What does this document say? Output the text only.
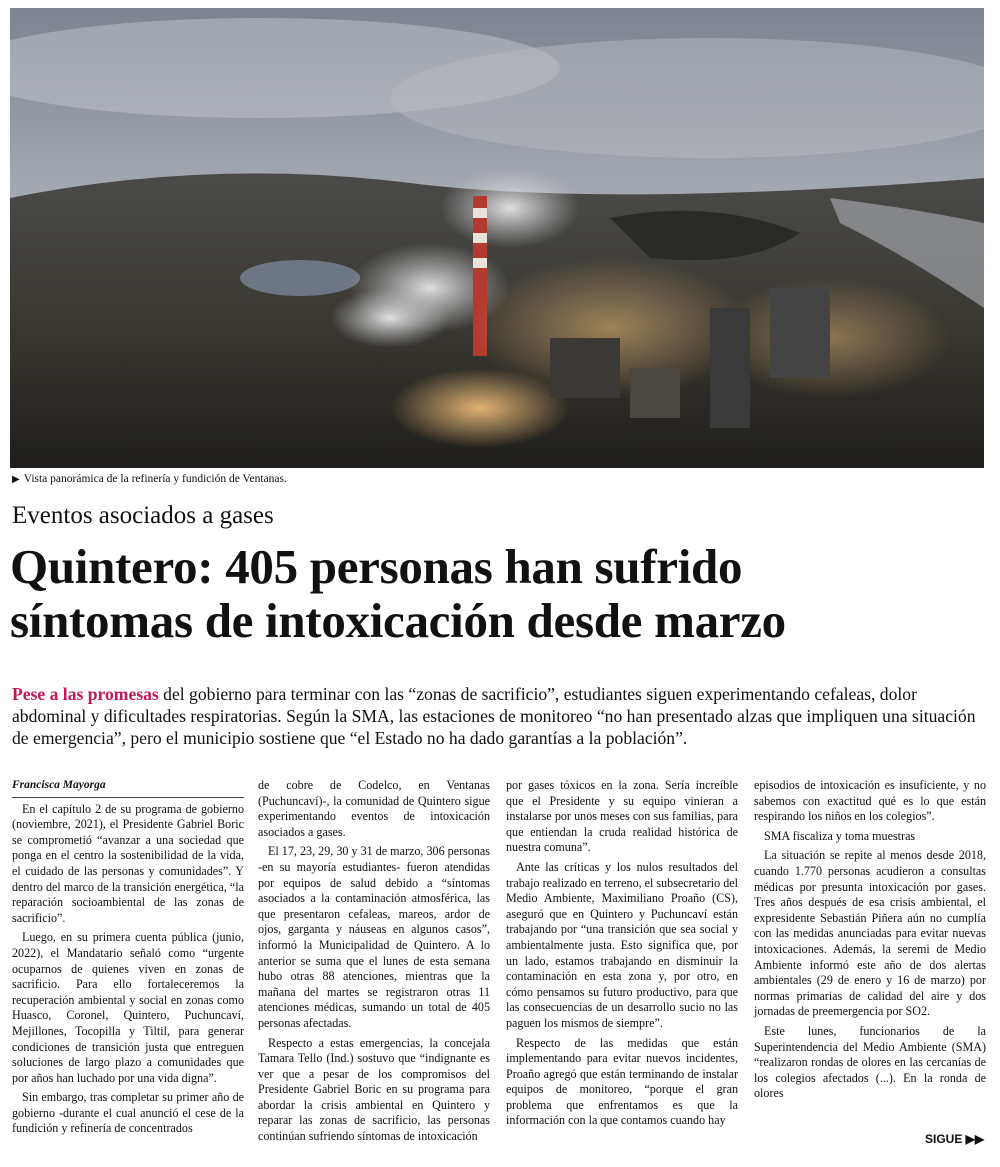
▶ Vista panorámica de la refinería y fundición de Ventanas.
Eventos asociados a gases
Quintero: 405 personas han sufrido
síntomas de intoxicación desde marzo

Pese a las promesas del gobierno para terminar con las “zonas de sacrificio”, estudiantes siguen experimentando cefaleas, dolor abdominal y dificultades respiratorias. Según la SMA, las estaciones de monitoreo “no han presentado alzas que impliquen una situación de emergencia”, pero el municipio sostiene que “el Estado no ha dado garantías a la población”.

Francisca Mayorga

En el capítulo 2 de su programa de gobierno (noviembre, 2021), el Presidente Gabriel Boric se comprometió “avanzar a una sociedad que ponga en el centro la sostenibilidad de la vida, el cuidado de las personas y comunidades”. Y dentro del marco de la transición energética, “la reparación socioambiental de las zonas de sacrificio”.

Luego, en su primera cuenta pública (junio, 2022), el Mandatario señaló como “urgente ocuparnos de quienes viven en zonas de sacrificio. Para ello fortaleceremos la recuperación ambiental y social en zonas como Huasco, Coronel, Quintero, Puchuncaví, Mejillones, Tocopilla y Tiltil, para generar condiciones de transición justa que entreguen soluciones de largo plazo a comunidades que por años han luchado por una vida digna”.

Sin embargo, tras completar su primer año de gobierno -durante el cual anunció el cese de la fundición y refinería de concentrados

de cobre de Codelco, en Ventanas (Puchuncaví)-, la comunidad de Quintero sigue experimentando eventos de intoxicación asociados a gases.

El 17, 23, 29, 30 y 31 de marzo, 306 personas -en su mayoría estudiantes- fueron atendidas por equipos de salud debido a “síntomas asociados a la contaminación atmosférica, las que presentaron cefaleas, mareos, ardor de ojos, garganta y náuseas en algunos casos”, informó la Municipalidad de Quintero. A lo anterior se suma que el lunes de esta semana hubo otras 88 atenciones, mientras que la mañana del martes se registraron otras 11 atenciones médicas, sumando un total de 405 personas afectadas.

Respecto a estas emergencias, la concejala Tamara Tello (Ind.) sostuvo que “indignante es ver que a pesar de los compromisos del Presidente Gabriel Boric en su programa para abordar la crisis ambiental en Quintero y reparar las zonas de sacrificio, las personas continúan sufriendo síntomas de intoxicación

por gases tóxicos en la zona. Sería increíble que el Presidente y su equipo vinieran a instalarse por unos meses con sus familias, para que entiendan la cruda realidad histórica de nuestra comuna”.

Ante las críticas y los nulos resultados del trabajo realizado en terreno, el subsecretario del Medio Ambiente, Maximiliano Proaño (CS), aseguró que en Quintero y Puchuncaví están trabajando por “una transición que sea social y ambientalmente justa. Esto significa que, por un lado, estamos trabajando en disminuir la contaminación en esta zona y, por otro, en cómo pensamos su futuro productivo, para que las consecuencias de un desarrollo sucio no las paguen los mismos de siempre”.

Respecto de las medidas que están implementando para evitar nuevos incidentes, Proaño agregó que están terminando de instalar equipos de monitoreo, “porque el gran problema que enfrentamos es que la información con la que contamos cuando hay

episodios de intoxicación es insuficiente, y no sabemos con exactitud qué es lo que están respirando los niños en los colegios”.

SMA fiscaliza y toma muestras

La situación se repite al menos desde 2018, cuando 1.770 personas acudieron a consultas médicas por presunta intoxicación por gases. Tres años después de esa crisis ambiental, el expresidente Sebastián Piñera aún no cumplía con las medidas anunciadas para evitar nuevas intoxicaciones. Además, la seremi de Medio Ambiente informó este año de dos alertas ambientales (29 de enero y 16 de marzo) por normas primarias de calidad del aire y dos jornadas de preemergencia por SO2.

Este lunes, funcionarios de la Superintendencia del Medio Ambiente (SMA) “realizaron rondas de olores en las cercanías de los colegios afectados (...). En la ronda de olores

SIGUE ▶▶
